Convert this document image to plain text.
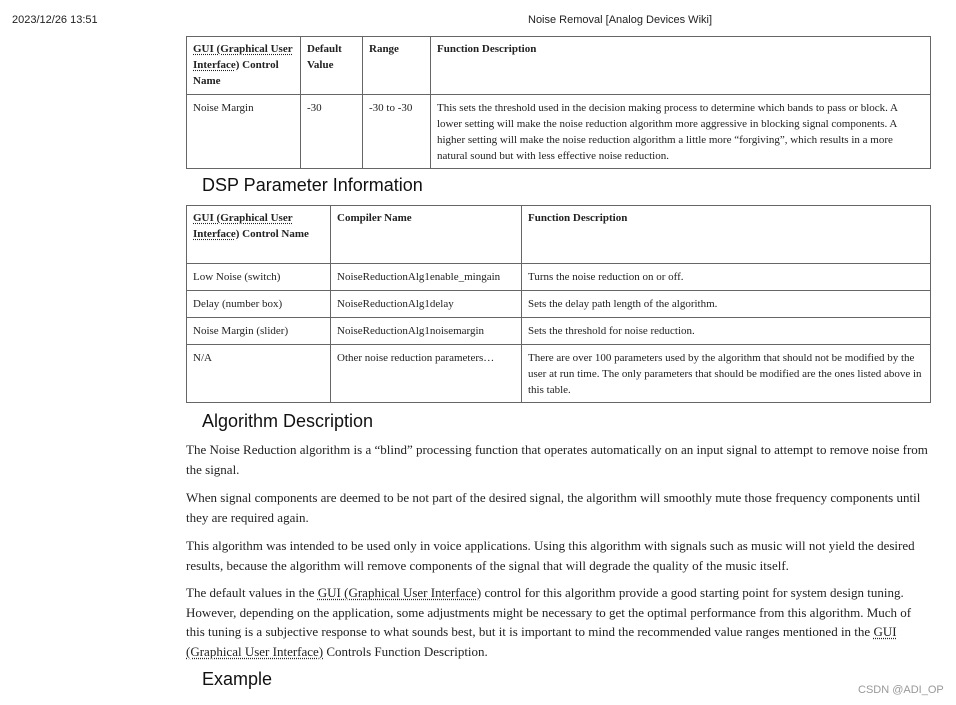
2023/12/26 13:51	Noise Removal [Analog Devices Wiki]
GUI (Graphical User Interface) Control Name	Default Value	Range	Function Description
Noise Margin	-30	-30 to -30	This sets the threshold used in the decision making process to determine which bands to pass or block. A lower setting will make the noise reduction algorithm more aggressive in blocking signal components. A higher setting will make the noise reduction algorithm a little more “forgiving”, which results in a more natural sound but with less effective noise reduction.
DSP Parameter Information
GUI (Graphical User Interface) Control Name	Compiler Name	Function Description
Low Noise (switch)	NoiseReductionAlg1enable_mingain	Turns the noise reduction on or off.
Delay (number box)	NoiseReductionAlg1delay	Sets the delay path length of the algorithm.
Noise Margin (slider)	NoiseReductionAlg1noisemargin	Sets the threshold for noise reduction.
N/A	Other noise reduction parameters…	There are over 100 parameters used by the algorithm that should not be modified by the user at run time. The only parameters that should be modified are the ones listed above in this table.
Algorithm Description

The Noise Reduction algorithm is a “blind” processing function that operates automatically on an input signal to attempt to remove noise from the signal.

When signal components are deemed to be not part of the desired signal, the algorithm will smoothly mute those frequency components until they are required again.

This algorithm was intended to be used only in voice applications. Using this algorithm with signals such as music will not yield the desired results, because the algorithm will remove components of the signal that will degrade the quality of the music itself.

The default values in the GUI (Graphical User Interface) control for this algorithm provide a good starting point for system design tuning. However, depending on the application, some adjustments might be necessary to get the optimal performance from this algorithm. Much of this tuning is a subjective response to what sounds best, but it is important to mind the recommended value ranges mentioned in the GUI (Graphical User Interface) Controls Function Description.

Example
CSDN @ADI_OP
